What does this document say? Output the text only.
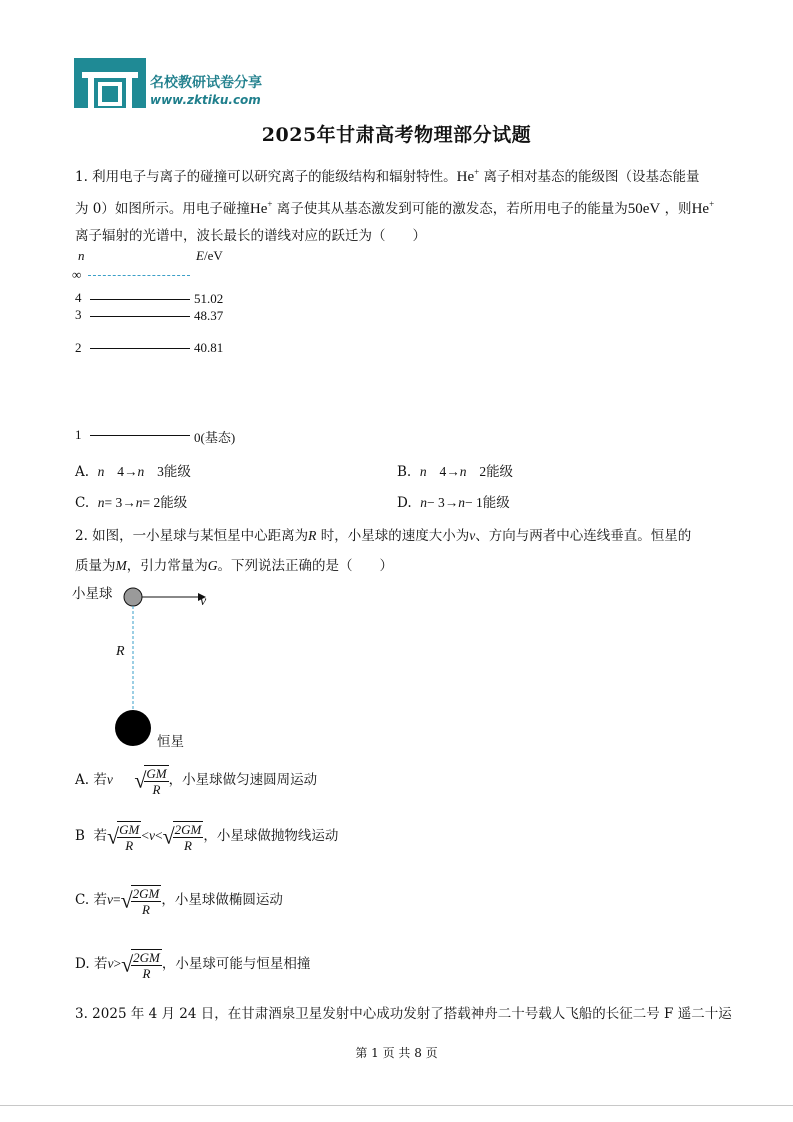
名校教研试卷分享
www.zktiku.com
2025年甘肃高考物理部分试题
1. 利用电子与离子的碰撞可以研究离子的能级结构和辐射特性。He+ 离子相对基态的能级图（设基态能量
为 0）如图所示。用电子碰撞He+ 离子使其从基态激发到可能的激发态，若所用电子的能量为50eV ，则He+
离子辐射的光谱中，波长最长的谱线对应的跃迁为（　　）
n	E/eV
∞
4	51.02
3	48.37
2	40.81
1	0(基态)
A. n 4→n 3能级	B. n 4→n 2能级
C. n= 3→n= 2能级	D. n− 3→n− 1能级
2. 如图，一小星球与某恒星中心距离为R 时，小星球的速度大小为v、方向与两者中心连线垂直。恒星的
质量为M，引力常量为G。下列说法正确的是（　　）
小星球	v
R
恒星
A. 若v √
$\frac{GM}{R}$ ，小星球做匀速圆周运动
B 若√
$\frac{GM}{R} <v<√$
$\frac{2GM}{R}$ ，小星球做抛物线运动
C. 若v=√
$\frac{2GM}{R}$ ，小星球做椭圆运动
D. 若v>√
$\frac{2GM}{R}$ ，小星球可能与恒星相撞
3. 2025 年 4 月 24 日，在甘肃酒泉卫星发射中心成功发射了搭载神舟二十号载人飞船的长征二号 F 遥二十运
第 1 页 共 8 页
